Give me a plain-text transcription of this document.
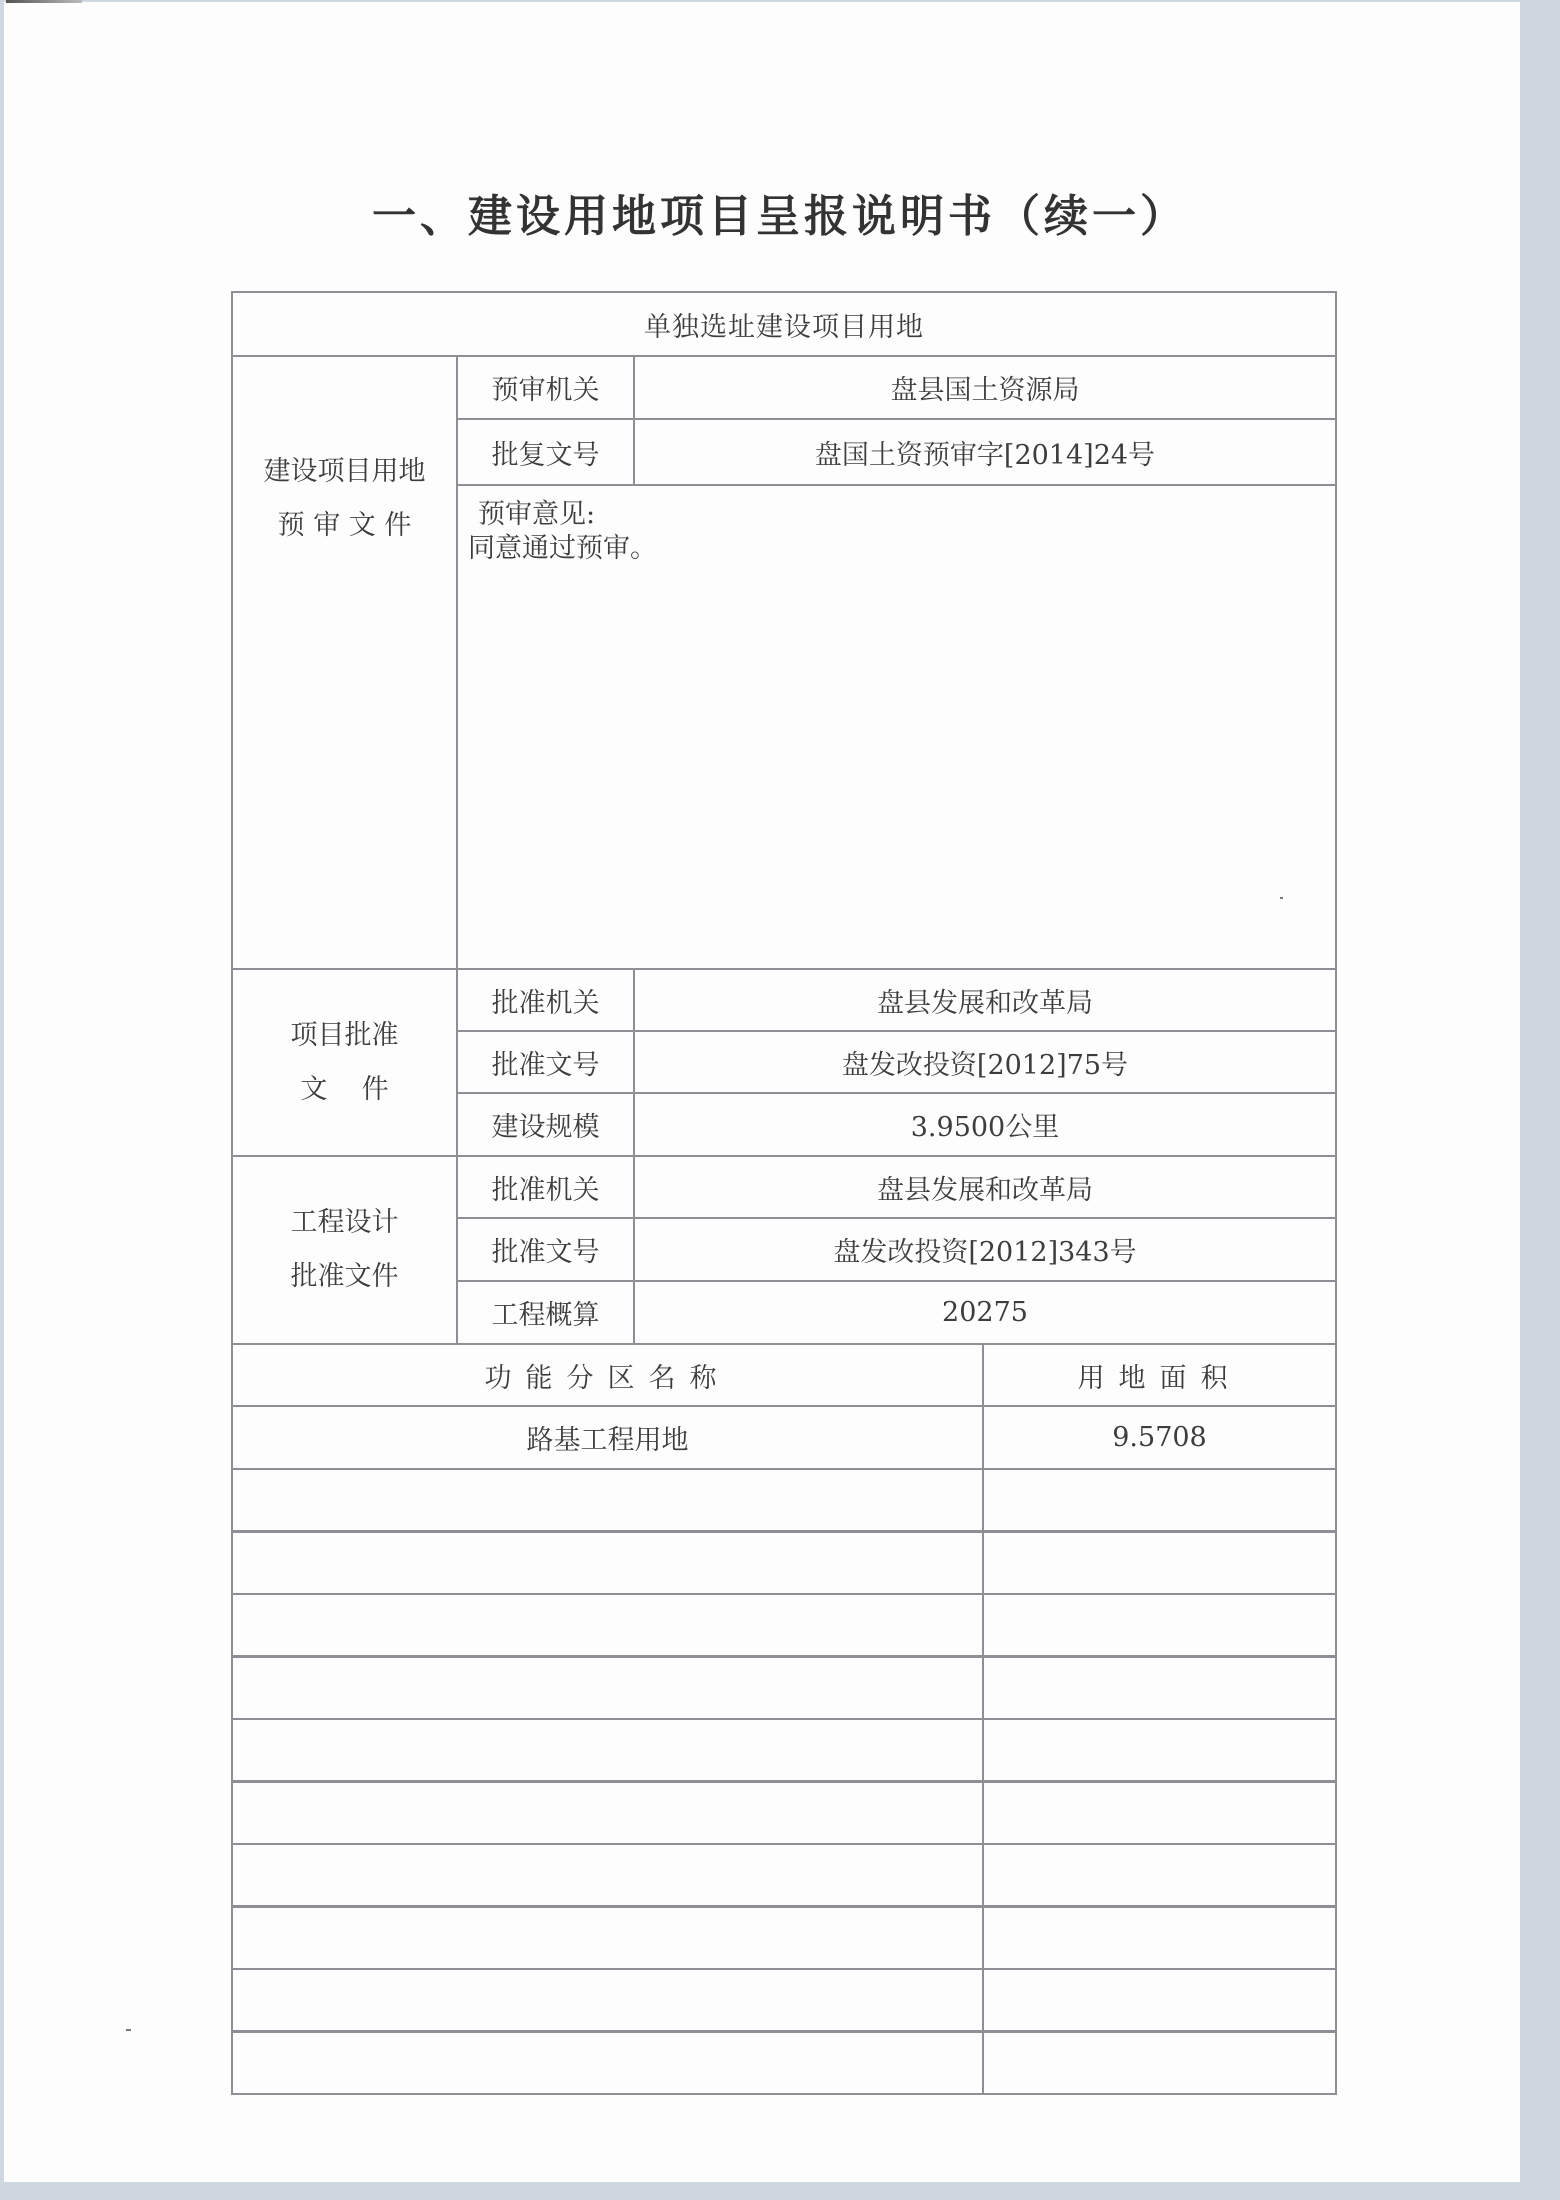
一、建设用地项目呈报说明书（续一）
单独选址建设项目用地
建设项目用地
预 审 文 件
预审机关	盘县国土资源局
批复文号	盘国土资预审字[2014]24号
预审意见:
同意通过预审。
项目批准
文    件
批准机关	盘县发展和改革局
批准文号	盘发改投资[2012]75号
建设规模	3.9500公里
工程设计
批准文件
批准机关	盘县发展和改革局
批准文号	盘发改投资[2012]343号
工程概算	20275
功能分区名称	用地面积
路基工程用地	9.5708
